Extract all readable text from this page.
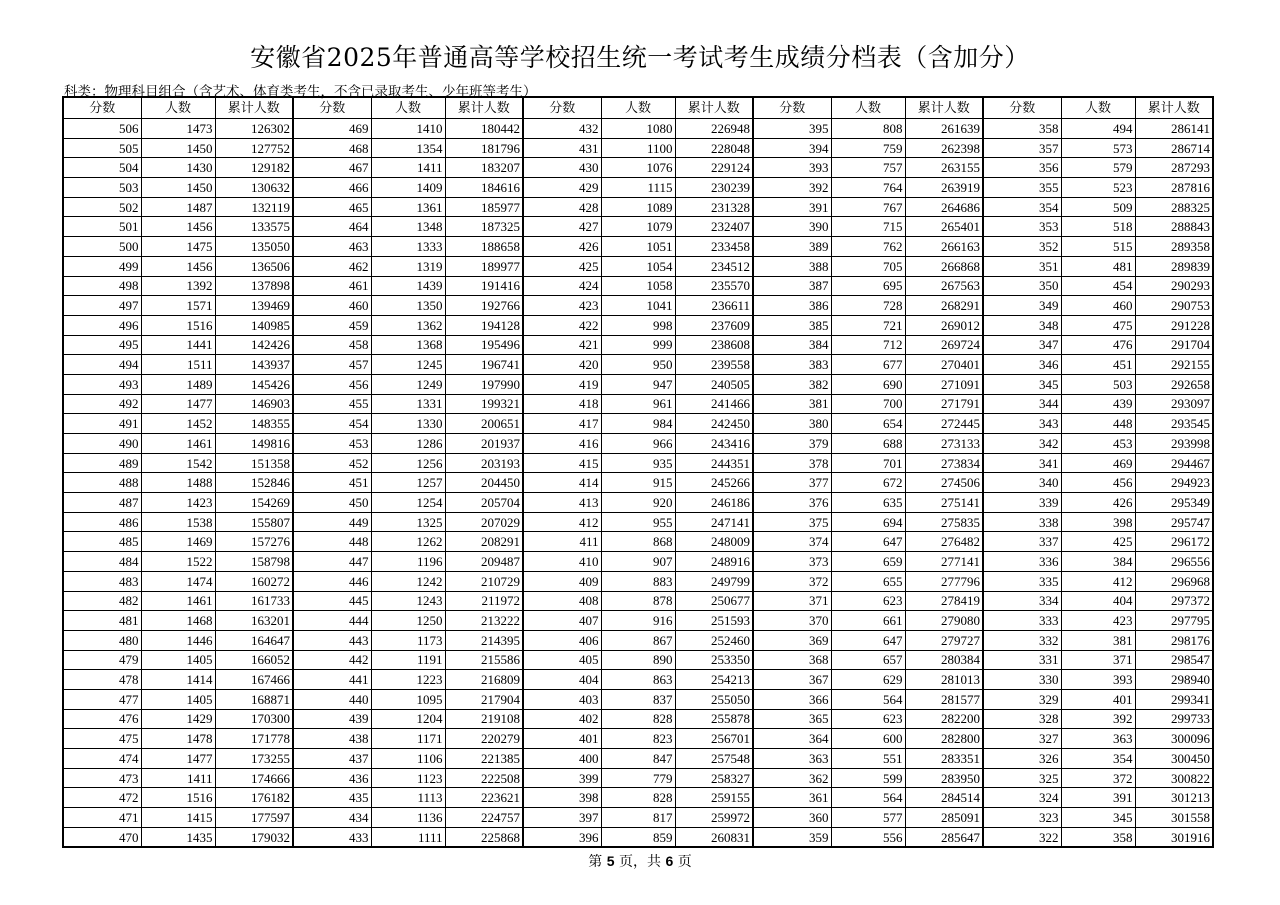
安徽省2025年普通高等学校招生统一考试考生成绩分档表（含加分）
科类：物理科目组合（含艺术、体育类考生，不含已录取考生、少年班等考生）
分数	人数	累计人数	分数	人数	累计人数	分数	人数	累计人数	分数	人数	累计人数	分数	人数	累计人数
506	1473	126302	469	1410	180442	432	1080	226948	395	808	261639	358	494	286141
505	1450	127752	468	1354	181796	431	1100	228048	394	759	262398	357	573	286714
504	1430	129182	467	1411	183207	430	1076	229124	393	757	263155	356	579	287293
503	1450	130632	466	1409	184616	429	1115	230239	392	764	263919	355	523	287816
502	1487	132119	465	1361	185977	428	1089	231328	391	767	264686	354	509	288325
501	1456	133575	464	1348	187325	427	1079	232407	390	715	265401	353	518	288843
500	1475	135050	463	1333	188658	426	1051	233458	389	762	266163	352	515	289358
499	1456	136506	462	1319	189977	425	1054	234512	388	705	266868	351	481	289839
498	1392	137898	461	1439	191416	424	1058	235570	387	695	267563	350	454	290293
497	1571	139469	460	1350	192766	423	1041	236611	386	728	268291	349	460	290753
496	1516	140985	459	1362	194128	422	998	237609	385	721	269012	348	475	291228
495	1441	142426	458	1368	195496	421	999	238608	384	712	269724	347	476	291704
494	1511	143937	457	1245	196741	420	950	239558	383	677	270401	346	451	292155
493	1489	145426	456	1249	197990	419	947	240505	382	690	271091	345	503	292658
492	1477	146903	455	1331	199321	418	961	241466	381	700	271791	344	439	293097
491	1452	148355	454	1330	200651	417	984	242450	380	654	272445	343	448	293545
490	1461	149816	453	1286	201937	416	966	243416	379	688	273133	342	453	293998
489	1542	151358	452	1256	203193	415	935	244351	378	701	273834	341	469	294467
488	1488	152846	451	1257	204450	414	915	245266	377	672	274506	340	456	294923
487	1423	154269	450	1254	205704	413	920	246186	376	635	275141	339	426	295349
486	1538	155807	449	1325	207029	412	955	247141	375	694	275835	338	398	295747
485	1469	157276	448	1262	208291	411	868	248009	374	647	276482	337	425	296172
484	1522	158798	447	1196	209487	410	907	248916	373	659	277141	336	384	296556
483	1474	160272	446	1242	210729	409	883	249799	372	655	277796	335	412	296968
482	1461	161733	445	1243	211972	408	878	250677	371	623	278419	334	404	297372
481	1468	163201	444	1250	213222	407	916	251593	370	661	279080	333	423	297795
480	1446	164647	443	1173	214395	406	867	252460	369	647	279727	332	381	298176
479	1405	166052	442	1191	215586	405	890	253350	368	657	280384	331	371	298547
478	1414	167466	441	1223	216809	404	863	254213	367	629	281013	330	393	298940
477	1405	168871	440	1095	217904	403	837	255050	366	564	281577	329	401	299341
476	1429	170300	439	1204	219108	402	828	255878	365	623	282200	328	392	299733
475	1478	171778	438	1171	220279	401	823	256701	364	600	282800	327	363	300096
474	1477	173255	437	1106	221385	400	847	257548	363	551	283351	326	354	300450
473	1411	174666	436	1123	222508	399	779	258327	362	599	283950	325	372	300822
472	1516	176182	435	1113	223621	398	828	259155	361	564	284514	324	391	301213
471	1415	177597	434	1136	224757	397	817	259972	360	577	285091	323	345	301558
470	1435	179032	433	1111	225868	396	859	260831	359	556	285647	322	358	301916
第 5 页，共 6 页
